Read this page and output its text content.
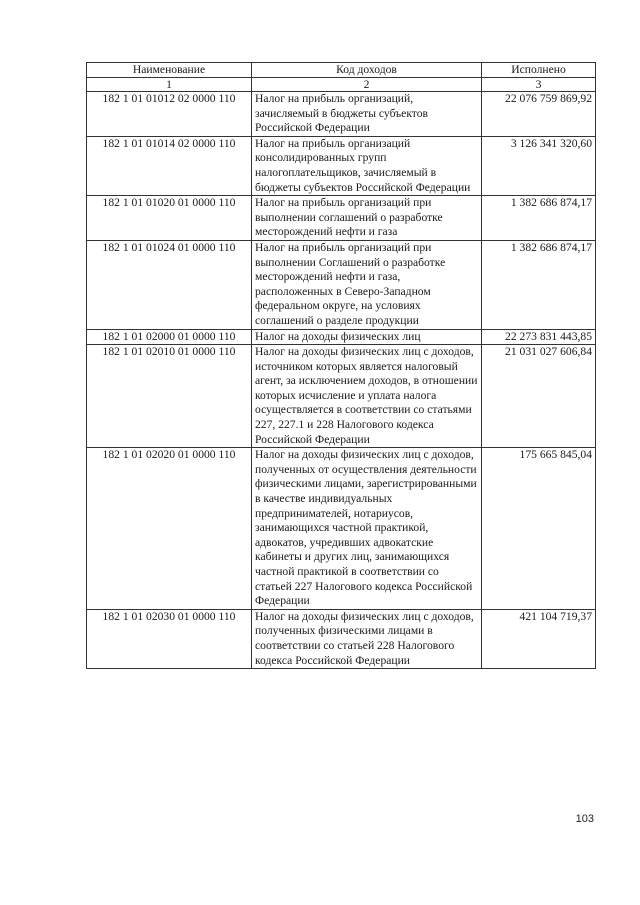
Наименование	Код доходов	Исполнено
1	2	3
182 1 01 01012 02 0000 110	Налог на прибыль организаций, зачисляемый в бюджеты субъектов Российской Федерации	22 076 759 869,92
182 1 01 01014 02 0000 110	Налог на прибыль организаций консолидированных групп налогоплательщиков, зачисляемый в бюджеты субъектов Российской Федерации	3 126 341 320,60
182 1 01 01020 01 0000 110	Налог на прибыль организаций при выполнении соглашений о разработке месторождений нефти и газа	1 382 686 874,17
182 1 01 01024 01 0000 110	Налог на прибыль организаций при выполнении Соглашений о разработке месторождений нефти и газа, расположенных в Северо-Западном федеральном округе, на условиях соглашений о разделе продукции	1 382 686 874,17
182 1 01 02000 01 0000 110	Налог на доходы физических лиц	22 273 831 443,85
182 1 01 02010 01 0000 110	Налог на доходы физических лиц с доходов, источником которых является налоговый агент, за исключением доходов, в отношении которых исчисление и уплата налога осуществляется в соответствии со статьями 227, 227.1 и 228 Налогового кодекса Российской Федерации	21 031 027 606,84
182 1 01 02020 01 0000 110	Налог на доходы физических лиц с доходов, полученных от осуществления деятельности физическими лицами, зарегистрированными в качестве индивидуальных предпринимателей, нотариусов, занимающихся частной практикой, адвокатов, учредивших адвокатские кабинеты и других лиц, занимающихся частной практикой в соответствии со статьей 227 Налогового кодекса Российской Федерации	175 665 845,04
182 1 01 02030 01 0000 110	Налог на доходы физических лиц с доходов, полученных физическими лицами в соответствии со статьей 228 Налогового кодекса Российской Федерации	421 104 719,37
103
